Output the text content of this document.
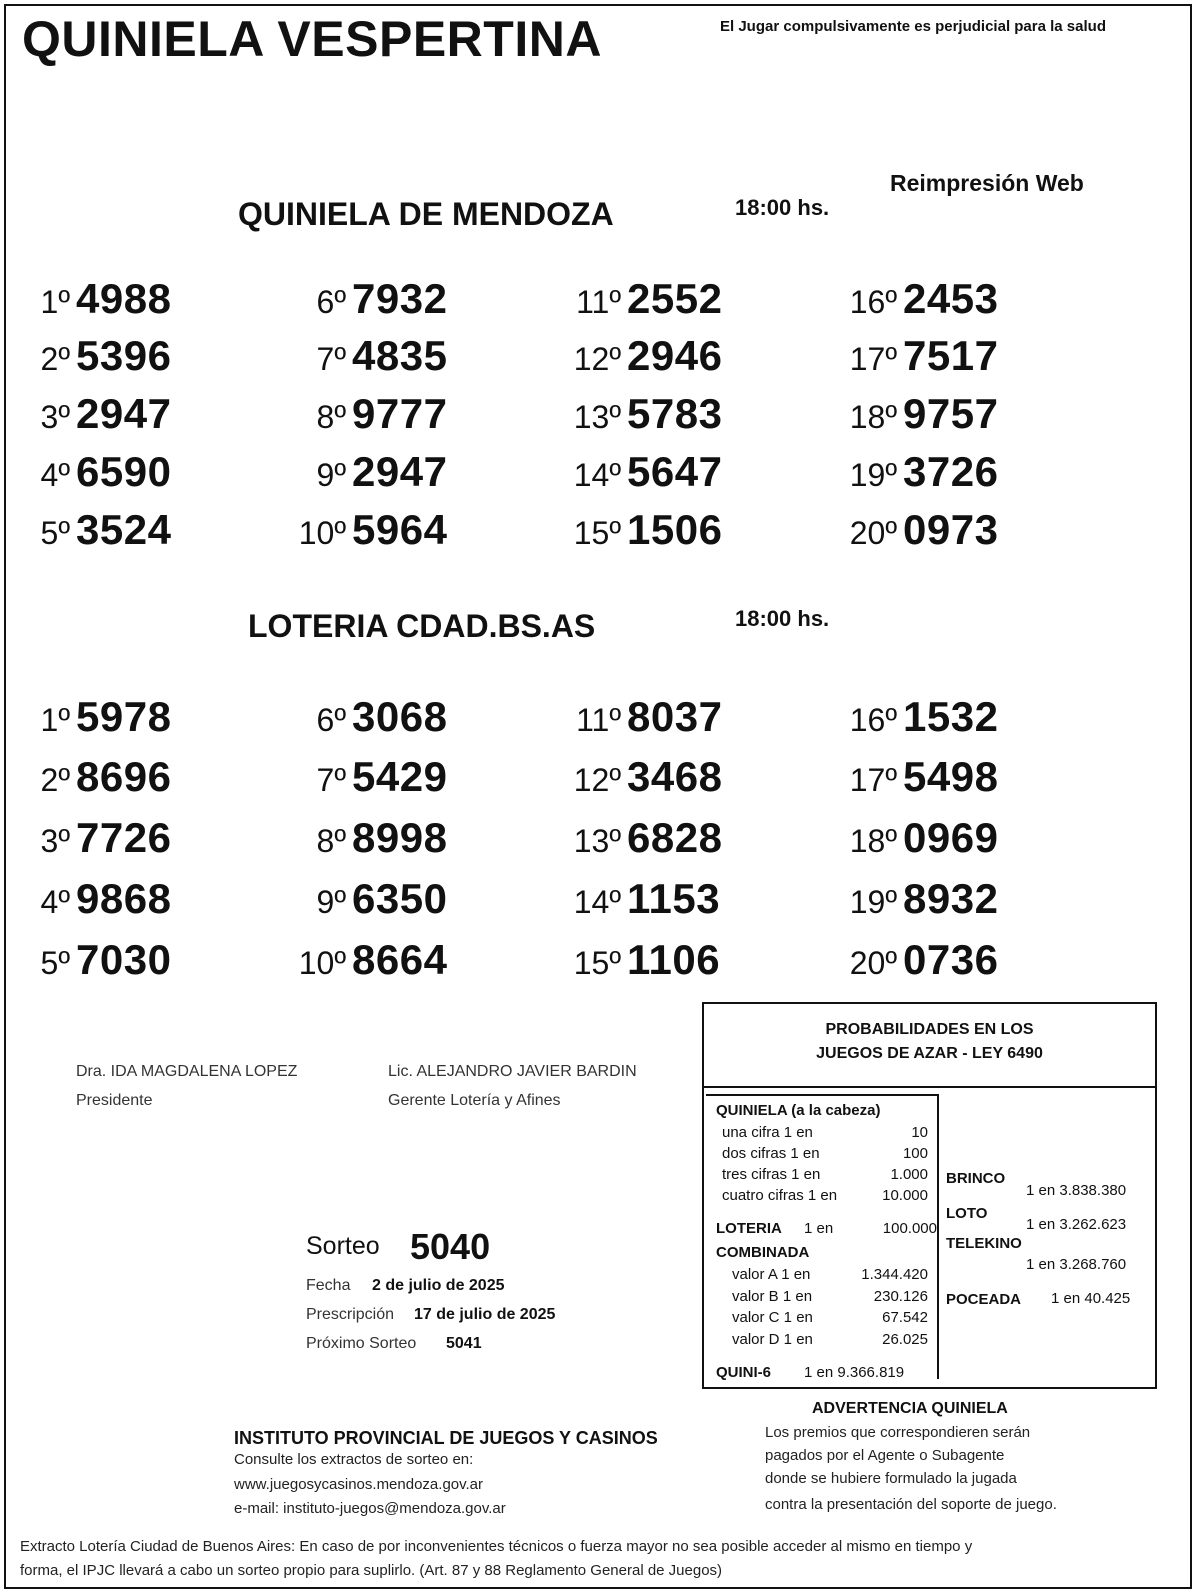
QUINIELA VESPERTINA	El Jugar compulsivamente es perjudicial para la salud
Reimpresión Web
QUINIELA DE MENDOZA	18:00 hs.
1º 4988
2º 5396
3º 2947
4º 6590
5º 3524
6º 7932
7º 4835
8º 9777
9º 2947
10º 5964
11º 2552
12º 2946
13º 5783
14º 5647
15º 1506
16º 2453
17º 7517
18º 9757
19º 3726
20º 0973
LOTERIA CDAD.BS.AS	18:00 hs.
1º 5978
2º 8696
3º 7726
4º 9868
5º 7030
6º 3068
7º 5429
8º 8998
9º 6350
10º 8664
11º 8037
12º 3468
13º 6828
14º 1153
15º 1106
16º 1532
17º 5498
18º 0969
19º 8932
20º 0736
Dra. IDA MAGDALENA LOPEZ
Presidente
Lic. ALEJANDRO JAVIER BARDIN
Gerente Lotería y Afines
Sorteo 5040
Fecha 2 de julio de 2025
Prescripción 17 de julio de 2025
Próximo Sorteo 5041
PROBABILIDADES EN LOS
JUEGOS DE AZAR - LEY 6490
QUINIELA (a la cabeza)
una cifra 1 en	10
dos cifras 1 en	100
tres cifras 1 en	1.000
cuatro cifras 1 en	10.000
LOTERIA 1 en	100.000
COMBINADA
valor A 1 en	1.344.420
valor B 1 en	230.126
valor C 1 en	67.542
valor D 1 en	26.025
QUINI-6 1 en 9.366.819
BRINCO
1 en 3.838.380
LOTO
1 en 3.262.623
TELEKINO
1 en 3.268.760
POCEADA 1 en 40.425
ADVERTENCIA QUINIELA
Los premios que correspondieren serán
pagados por el Agente o Subagente
donde se hubiere formulado la jugada
contra la presentación del soporte de juego.
INSTITUTO PROVINCIAL DE JUEGOS Y CASINOS
Consulte los extractos de sorteo en:
www.juegosycasinos.mendoza.gov.ar
e-mail: instituto-juegos@mendoza.gov.ar
Extracto Lotería Ciudad de Buenos Aires: En caso de por inconvenientes técnicos o fuerza mayor no sea posible acceder al mismo en tiempo y
forma, el IPJC llevará a cabo un sorteo propio para suplirlo. (Art. 87 y 88 Reglamento General de Juegos)
